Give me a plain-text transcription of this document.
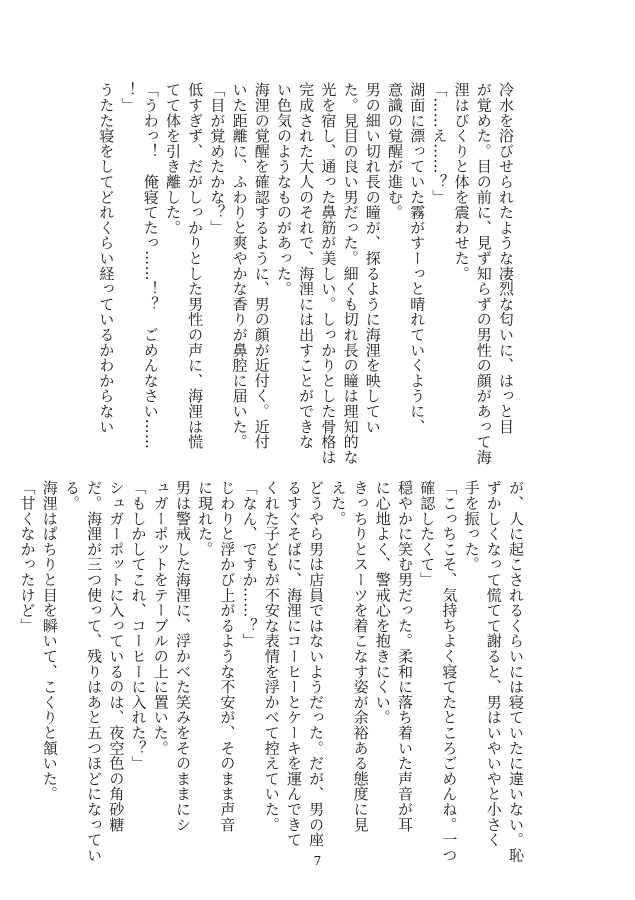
冷水を浴びせられたような凄烈な匂いに、はっと目
が覚めた。目の前に、見ず知らずの男性の顔があって海
浬はびくりと体を震わせた。
「……え……？」
湖面に漂っていた霧がすーっと晴れていくように、
意識の覚醒が進む。
男の細い切れ長の瞳が、探るように海浬を映してい
た。見目の良い男だった。細くも切れ長の瞳は理知的な
光を宿し、通った鼻筋が美しい。しっかりとした骨格は
完成された大人のそれで、海浬には出すことができな
い色気のようなものがあった。
海浬の覚醒を確認するように、男の顔が近付く。近付
いた距離に、ふわりと爽やかな香りが鼻腔に届いた。
「目が覚めたかな？」
低すぎず、だがしっかりとした男性の声に、海浬は慌
てて体を引き離した。
「うわっ！　俺寝てたっ……！？　ごめんなさい……
！」
うたた寝をしてどれくらい経っているかわからない
が、人に起こされるくらいには寝ていたに違いない。恥
ずかしくなって慌てて謝ると、男はいやいやと小さく
手を振った。
「こっちこそ、気持ちよく寝てたところごめんね。一つ
確認したくて」
穏やかに笑む男だった。柔和に落ち着いた声音が耳
に心地よく、警戒心を抱きにくい。
きっちりとスーツを着こなす姿が余裕ある態度に見
えた。
どうやら男は店員ではないようだった。だが、男の座
るすぐそばに、海浬にコーヒーとケーキを運んできて
くれた子どもが不安な表情を浮かべて控えていた。
「なん、ですか……？」
じわりと浮かび上がるような不安が、そのまま声音
に現れた。
男は警戒した海浬に、浮かべた笑みをそのままにシ
ュガーポットをテーブルの上に置いた。
「もしかしてこれ、コーヒーに入れた？」
シュガーポットに入っているのは、夜空色の角砂糖
だ。海浬が三つ使って、残りはあと五つほどになってい
る。
海浬はぱちりと目を瞬いて、こくりと頷いた。
「甘くなかったけど」
7
